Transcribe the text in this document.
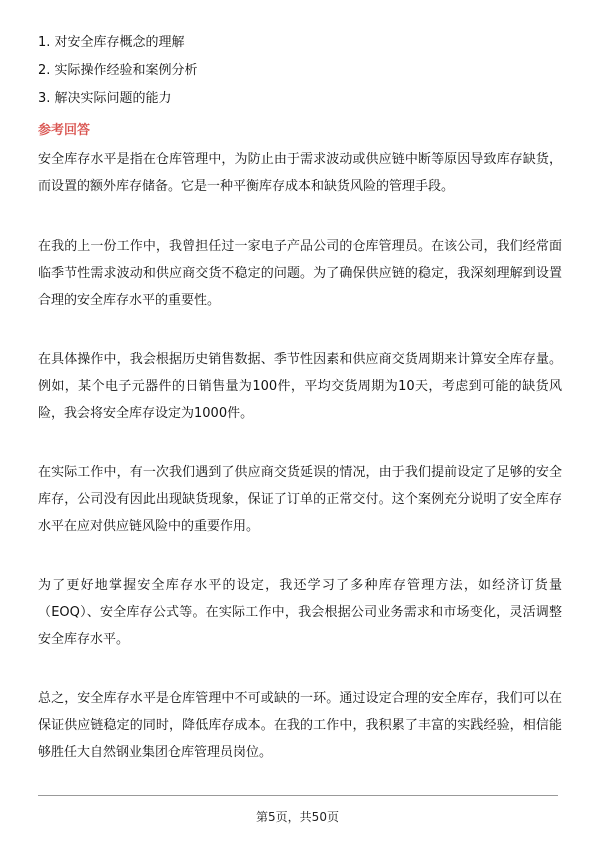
1. 对安全库存概念的理解
2. 实际操作经验和案例分析
3. 解决实际问题的能力
参考回答
安全库存水平是指在仓库管理中，为防止由于需求波动或供应链中断等原因导致库存缺货，而设置的额外库存储备。它是一种平衡库存成本和缺货风险的管理手段。
在我的上一份工作中，我曾担任过一家电子产品公司的仓库管理员。在该公司，我们经常面临季节性需求波动和供应商交货不稳定的问题。为了确保供应链的稳定，我深刻理解到设置合理的安全库存水平的重要性。
在具体操作中，我会根据历史销售数据、季节性因素和供应商交货周期来计算安全库存量。例如，某个电子元器件的日销售量为100件，平均交货周期为10天，考虑到可能的缺货风险，我会将安全库存设定为1000件。
在实际工作中，有一次我们遇到了供应商交货延误的情况，由于我们提前设定了足够的安全库存，公司没有因此出现缺货现象，保证了订单的正常交付。这个案例充分说明了安全库存水平在应对供应链风险中的重要作用。
为了更好地掌握安全库存水平的设定，我还学习了多种库存管理方法，如经济订货量（EOQ）、安全库存公式等。在实际工作中，我会根据公司业务需求和市场变化，灵活调整安全库存水平。
总之，安全库存水平是仓库管理中不可或缺的一环。通过设定合理的安全库存，我们可以在保证供应链稳定的同时，降低库存成本。在我的工作中，我积累了丰富的实践经验，相信能够胜任大自然钢业集团仓库管理员岗位。
第5页，共50页
